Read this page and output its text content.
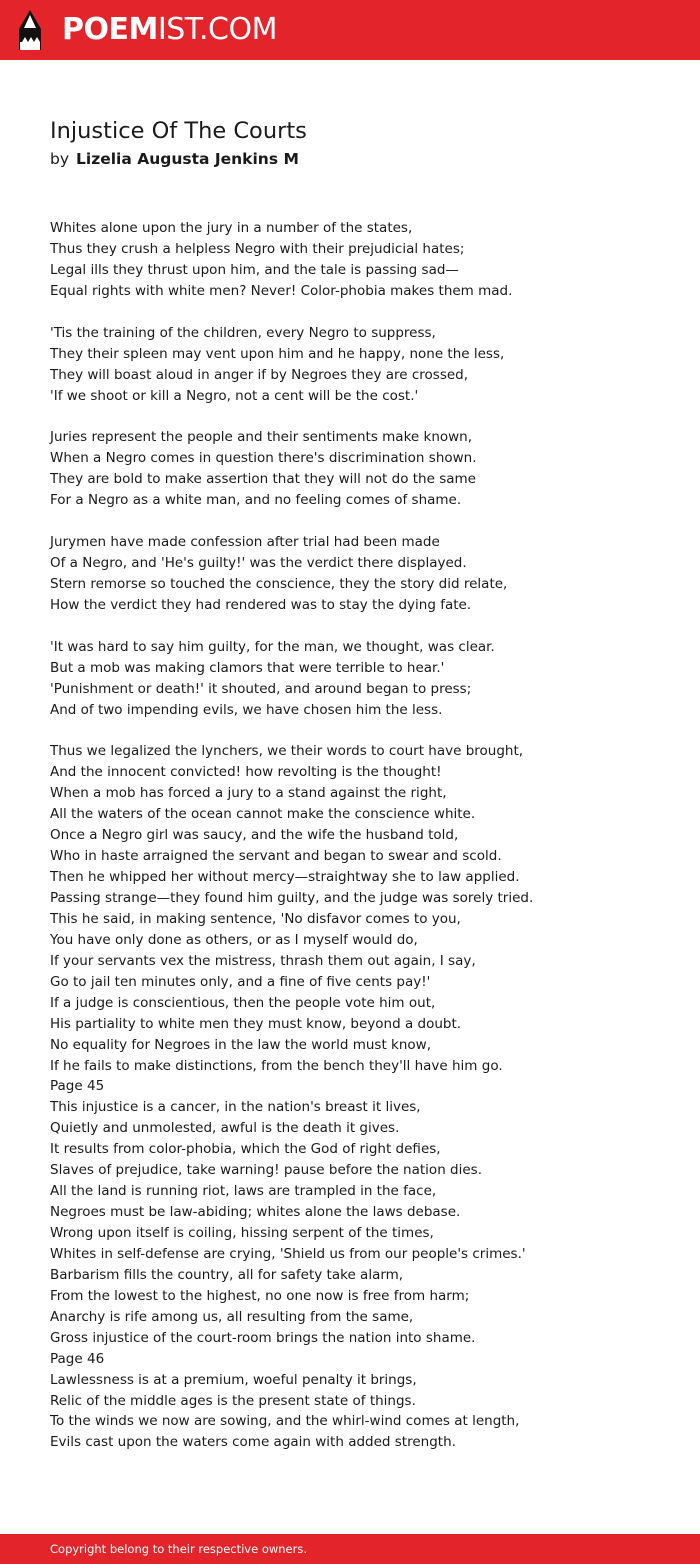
POEMIST.COM
Injustice Of The Courts
by Lizelia Augusta Jenkins M
Whites alone upon the jury in a number of the states,
Thus they crush a helpless Negro with their prejudicial hates;
Legal ills they thrust upon him, and the tale is passing sad—
Equal rights with white men? Never! Color-phobia makes them mad.
'Tis the training of the children, every Negro to suppress,
They their spleen may vent upon him and he happy, none the less,
They will boast aloud in anger if by Negroes they are crossed,
'If we shoot or kill a Negro, not a cent will be the cost.'
Juries represent the people and their sentiments make known,
When a Negro comes in question there's discrimination shown.
They are bold to make assertion that they will not do the same
For a Negro as a white man, and no feeling comes of shame.
Jurymen have made confession after trial had been made
Of a Negro, and 'He's guilty!' was the verdict there displayed.
Stern remorse so touched the conscience, they the story did relate,
How the verdict they had rendered was to stay the dying fate.
'It was hard to say him guilty, for the man, we thought, was clear.
But a mob was making clamors that were terrible to hear.'
'Punishment or death!' it shouted, and around began to press;
And of two impending evils, we have chosen him the less.
Thus we legalized the lynchers, we their words to court have brought,
And the innocent convicted! how revolting is the thought!
When a mob has forced a jury to a stand against the right,
All the waters of the ocean cannot make the conscience white.
Once a Negro girl was saucy, and the wife the husband told,
Who in haste arraigned the servant and began to swear and scold.
Then he whipped her without mercy—straightway she to law applied.
Passing strange—they found him guilty, and the judge was sorely tried.
This he said, in making sentence, 'No disfavor comes to you,
You have only done as others, or as I myself would do,
If your servants vex the mistress, thrash them out again, I say,
Go to jail ten minutes only, and a fine of five cents pay!'
If a judge is conscientious, then the people vote him out,
His partiality to white men they must know, beyond a doubt.
No equality for Negroes in the law the world must know,
If he fails to make distinctions, from the bench they'll have him go.
Page 45
This injustice is a cancer, in the nation's breast it lives,
Quietly and unmolested, awful is the death it gives.
It results from color-phobia, which the God of right defies,
Slaves of prejudice, take warning! pause before the nation dies.
All the land is running riot, laws are trampled in the face,
Negroes must be law-abiding; whites alone the laws debase.
Wrong upon itself is coiling, hissing serpent of the times,
Whites in self-defense are crying, 'Shield us from our people's crimes.'
Barbarism fills the country, all for safety take alarm,
From the lowest to the highest, no one now is free from harm;
Anarchy is rife among us, all resulting from the same,
Gross injustice of the court-room brings the nation into shame.
Page 46
Lawlessness is at a premium, woeful penalty it brings,
Relic of the middle ages is the present state of things.
To the winds we now are sowing, and the whirl-wind comes at length,
Evils cast upon the waters come again with added strength.
Copyright belong to their respective owners.
